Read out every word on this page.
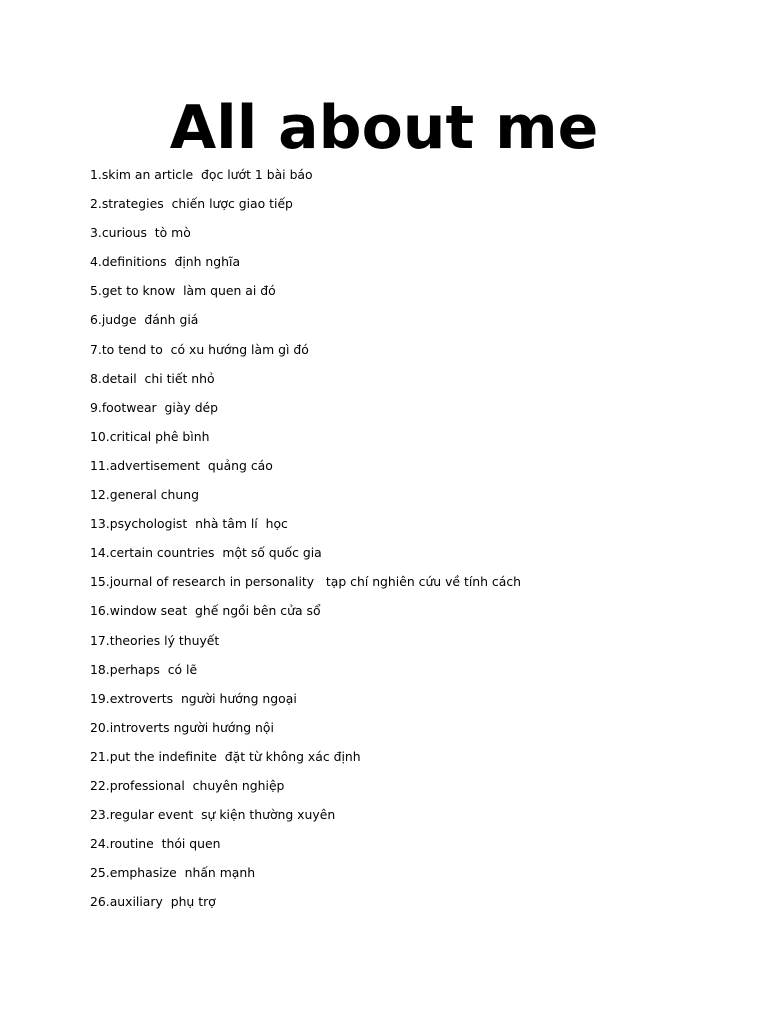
All about me
1.skim an article  đọc lướt 1 bài báo
2.strategies  chiến lược giao tiếp
3.curious  tò mò
4.definitions  định nghĩa
5.get to know  làm quen ai đó
6.judge  đánh giá
7.to tend to  có xu hướng làm gì đó
8.detail  chi tiết nhỏ
9.footwear  giày dép
10.critical phê bình
11.advertisement  quảng cáo
12.general chung
13.psychologist  nhà tâm lí  học
14.certain countries  một số quốc gia
15.journal of research in personality   tạp chí nghiên cứu về tính cách
16.window seat  ghế ngồi bên cửa sổ
17.theories lý thuyết
18.perhaps  có lẽ
19.extroverts  người hướng ngoại
20.introverts người hướng nội
21.put the indefinite  đặt từ không xác định
22.professional  chuyên nghiệp
23.regular event  sự kiện thường xuyên
24.routine  thói quen
25.emphasize  nhấn mạnh
26.auxiliary  phụ trợ
